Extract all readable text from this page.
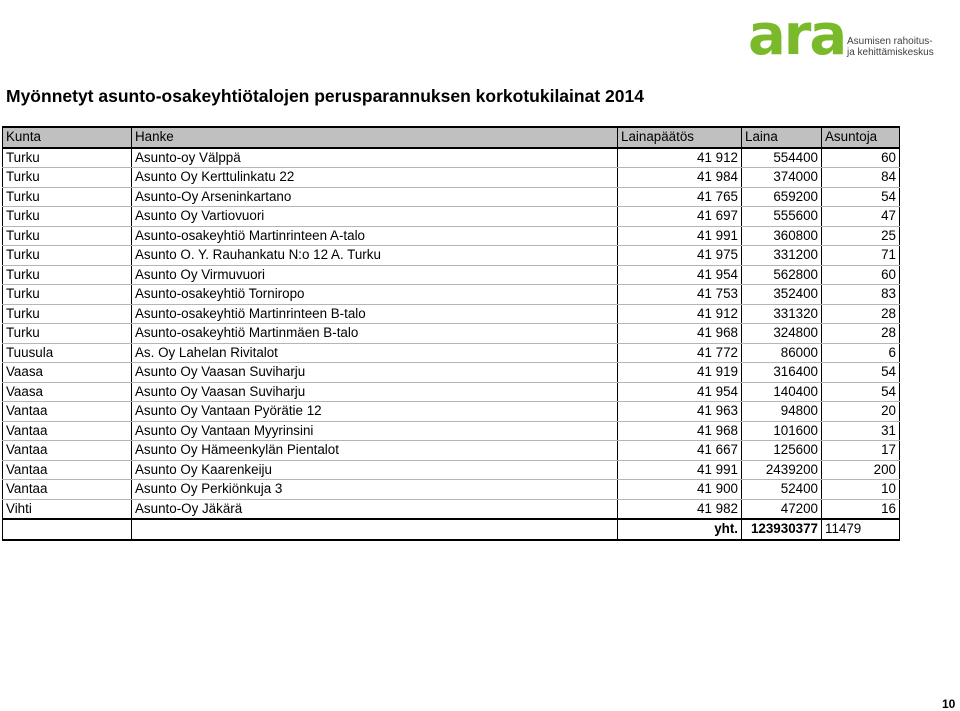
ara Asumisen rahoitus-
ja kehittämiskeskus
Myönnetyt asunto-osakeyhtiötalojen perusparannuksen korkotukilainat 2014
Kunta	Hanke	Lainapäätös	Laina	Asuntoja
Turku	Asunto-oy Välppä	41 912	554400	60
Turku	Asunto Oy Kerttulinkatu 22	41 984	374000	84
Turku	Asunto-Oy Arseninkartano	41 765	659200	54
Turku	Asunto Oy Vartiovuori	41 697	555600	47
Turku	Asunto-osakeyhtiö Martinrinteen A-talo	41 991	360800	25
Turku	Asunto O. Y. Rauhankatu N:o 12 A. Turku	41 975	331200	71
Turku	Asunto Oy Virmuvuori	41 954	562800	60
Turku	Asunto-osakeyhtiö Torniropo	41 753	352400	83
Turku	Asunto-osakeyhtiö Martinrinteen B-talo	41 912	331320	28
Turku	Asunto-osakeyhtiö Martinmäen B-talo	41 968	324800	28
Tuusula	As. Oy Lahelan Rivitalot	41 772	86000	6
Vaasa	Asunto Oy Vaasan Suviharju	41 919	316400	54
Vaasa	Asunto Oy Vaasan Suviharju	41 954	140400	54
Vantaa	Asunto Oy Vantaan Pyörätie 12	41 963	94800	20
Vantaa	Asunto Oy Vantaan Myyrinsini	41 968	101600	31
Vantaa	Asunto Oy Hämeenkylän Pientalot	41 667	125600	17
Vantaa	Asunto Oy Kaarenkeiju	41 991	2439200	200
Vantaa	Asunto Oy Perkiönkuja 3	41 900	52400	10
Vihti	Asunto-Oy Jäkärä	41 982	47200	16
		yht.	123930377	11479
10
